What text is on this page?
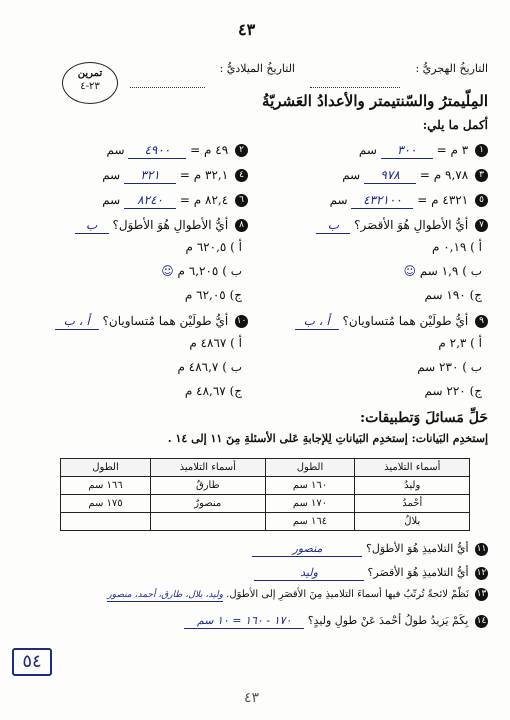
٤٣
التاريخُ الهجريُّ :
التاريخُ الميلاديُّ :
تمرين
٢٣-٤
المِلّيمترُ والسّنتيمتر والأعدادُ العَشريّةُ
أكمل ما يلي:
١ ٣ م = ٣٠٠ سم
٣ ٩,٧٨ م = ٩٧٨ سم
٥ ٤٣٢١ م = ٤٣٢١٠٠ سم
٢ ٤٩ م = ٤٩٠٠ سم
٤ ٣٢,١ م = ٣٢١ سم
٦ ٨٢,٤ م = ٨٢٤٠ سم
٧ أيُّ الأطوالِ هُوَ الأقصَر؟ ب
أ ) ٠,١٩ م
ب ) ١,٩ سم ☺
ج) ١٩٠ سم
٨ أيُّ الأطوالِ هُوَ الأطوَل؟ ب
أ ) ٦٢٠,٥ م
ب ) ٦,٢٠٥ م ☺
ج) ٦٢,٠٥ م
٩ أيُّ طولَيْن هما مُتساويان؟ أ ، ب
أ ) ٢,٣ م
ب ) ٢٣٠ سم
ج) ٢٢٠ سم
١٠ أيُّ طولَيْن هما مُتساويان؟ أ ، ب
أ ) ٤٨٦٧ م
ب ) ٤٨٦,٧ م
ج) ٤٨,٦٧ م
حَلِّ مَسائلَ وَتطبيقات:
إستخدِم البَيانات: إستخدِم البَياناتِ لِلإجابةِ عَلى الأسئلةِ مِنَ ١١ إلى ١٤ .
أسماء التلاميذ	الطول	أسماء التلاميذ	الطول
وليدٌ	١٦٠ سم	طارقٌ	١٦٦ سم
أحْمدُ	١٧٠ سم	منصورٌ	١٧٥ سم
بلالٌ	١٦٤ سم		
١١ أيُّ التلاميذِ هُوَ الأطوَل؟ منصور
١٢ أيُّ التلاميذِ هُوَ الأقصَر؟ وليد
١٣ نَظّمْ لائحةً تُرتّبُ فيها أسماءَ التلاميذِ مِنَ الأقصَرِ إلى الأطوَل. وليد، بلال، طارق، أحمد، منصور
١٤ بِكَمْ يَزيدُ طولُ أحْمدَ عَنْ طولِ وليدٍ؟ ١٧٠ - ١٦٠ = ١٠ سم
٥٤
٤٣
